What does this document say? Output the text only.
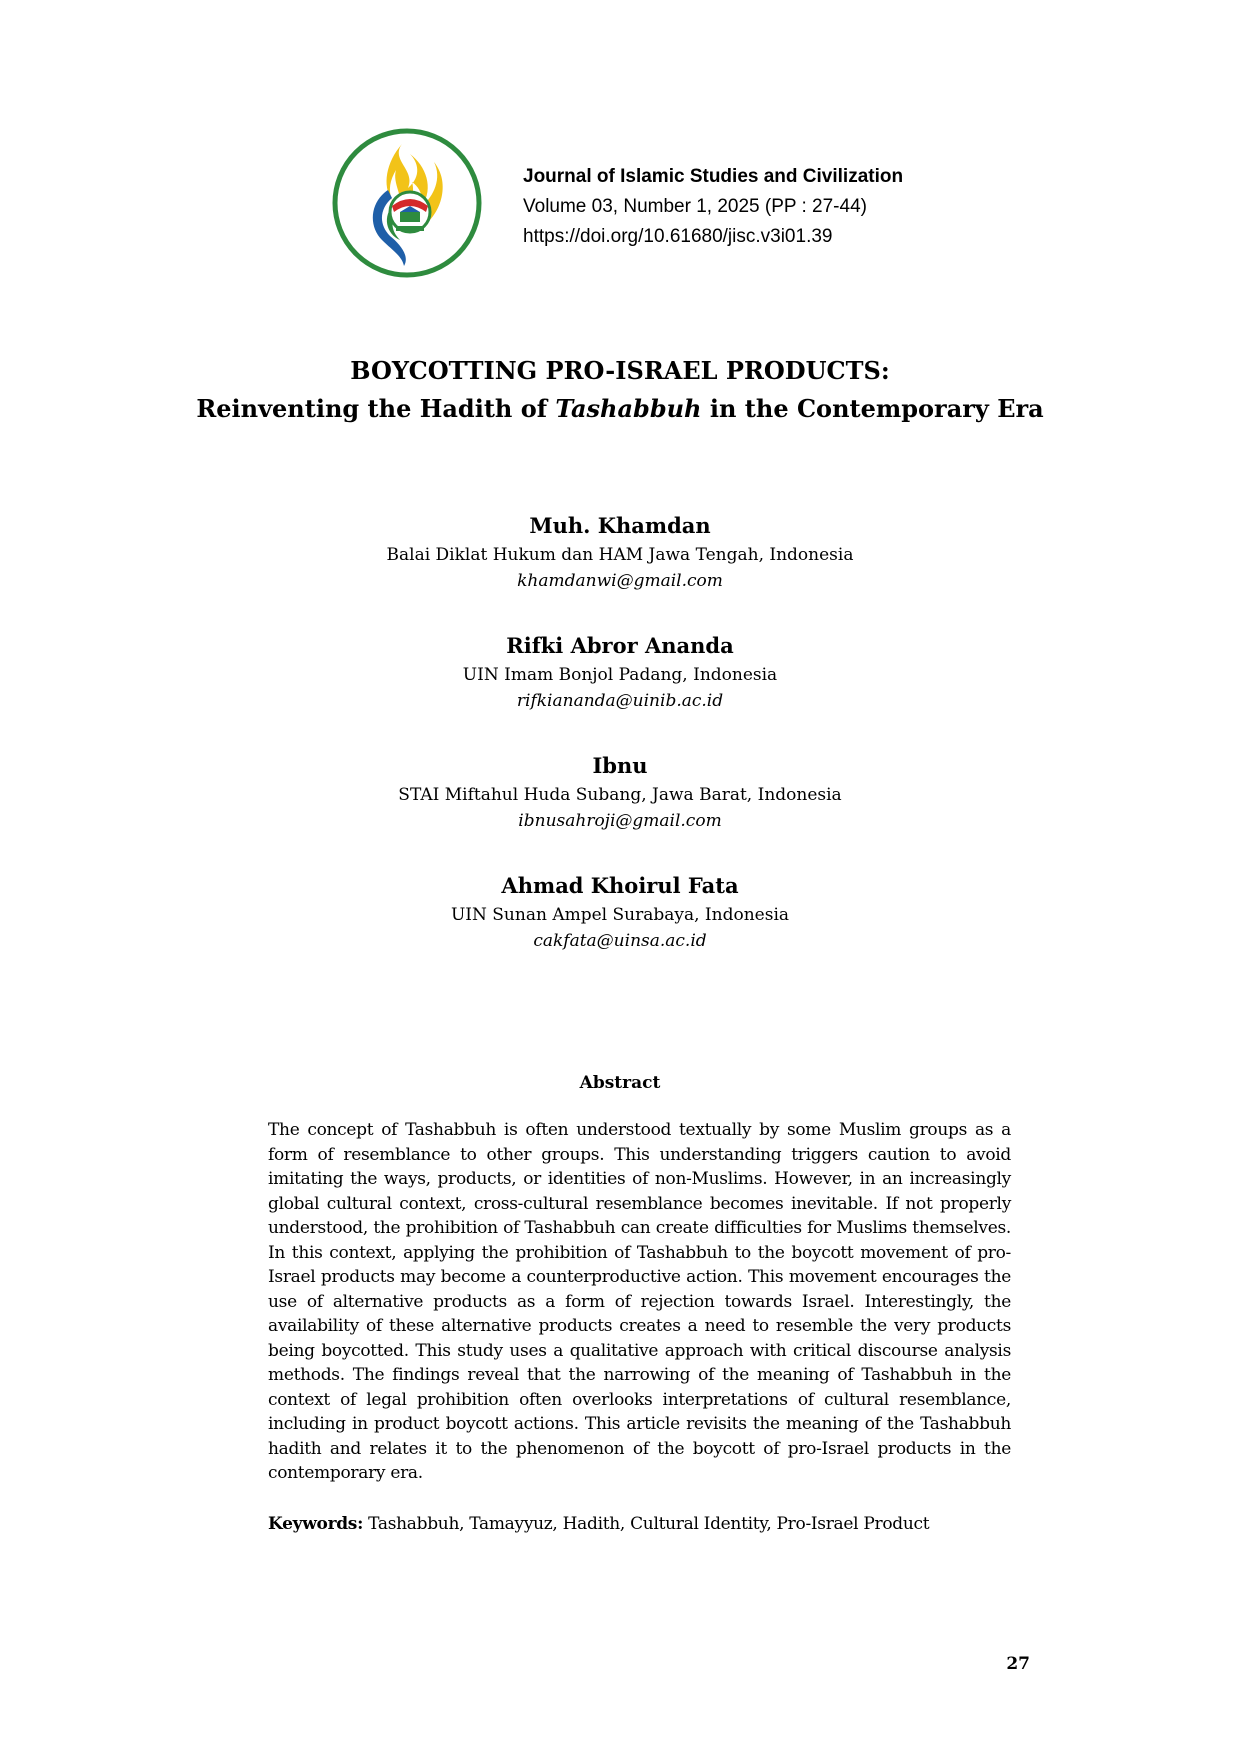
Journal of Islamic Studies and Civilization
Volume 03, Number 1, 2025 (PP : 27-44)
https://doi.org/10.61680/jisc.v3i01.39
BOYCOTTING PRO-ISRAEL PRODUCTS:
Reinventing the Hadith of Tashabbuh in the Contemporary Era
Muh. Khamdan
Balai Diklat Hukum dan HAM Jawa Tengah, Indonesia
khamdanwi@gmail.com
Rifki Abror Ananda
UIN Imam Bonjol Padang, Indonesia
rifkiananda@uinib.ac.id
Ibnu
STAI Miftahul Huda Subang, Jawa Barat, Indonesia
ibnusahroji@gmail.com
Ahmad Khoirul Fata
UIN Sunan Ampel Surabaya, Indonesia
cakfata@uinsa.ac.id
Abstract
The concept of Tashabbuh is often understood textually by some Muslim groups as a form of resemblance to other groups. This understanding triggers caution to avoid imitating the ways, products, or identities of non-Muslims. However, in an increasingly global cultural context, cross-cultural resemblance becomes inevitable. If not properly understood, the prohibition of Tashabbuh can create difficulties for Muslims themselves. In this context, applying the prohibition of Tashabbuh to the boycott movement of pro-Israel products may become a counterproductive action. This movement encourages the use of alternative products as a form of rejection towards Israel. Interestingly, the availability of these alternative products creates a need to resemble the very products being boycotted. This study uses a qualitative approach with critical discourse analysis methods. The findings reveal that the narrowing of the meaning of Tashabbuh in the context of legal prohibition often overlooks interpretations of cultural resemblance, including in product boycott actions. This article revisits the meaning of the Tashabbuh hadith and relates it to the phenomenon of the boycott of pro-Israel products in the contemporary era.
Keywords: Tashabbuh, Tamayyuz, Hadith, Cultural Identity, Pro-Israel Product
27
